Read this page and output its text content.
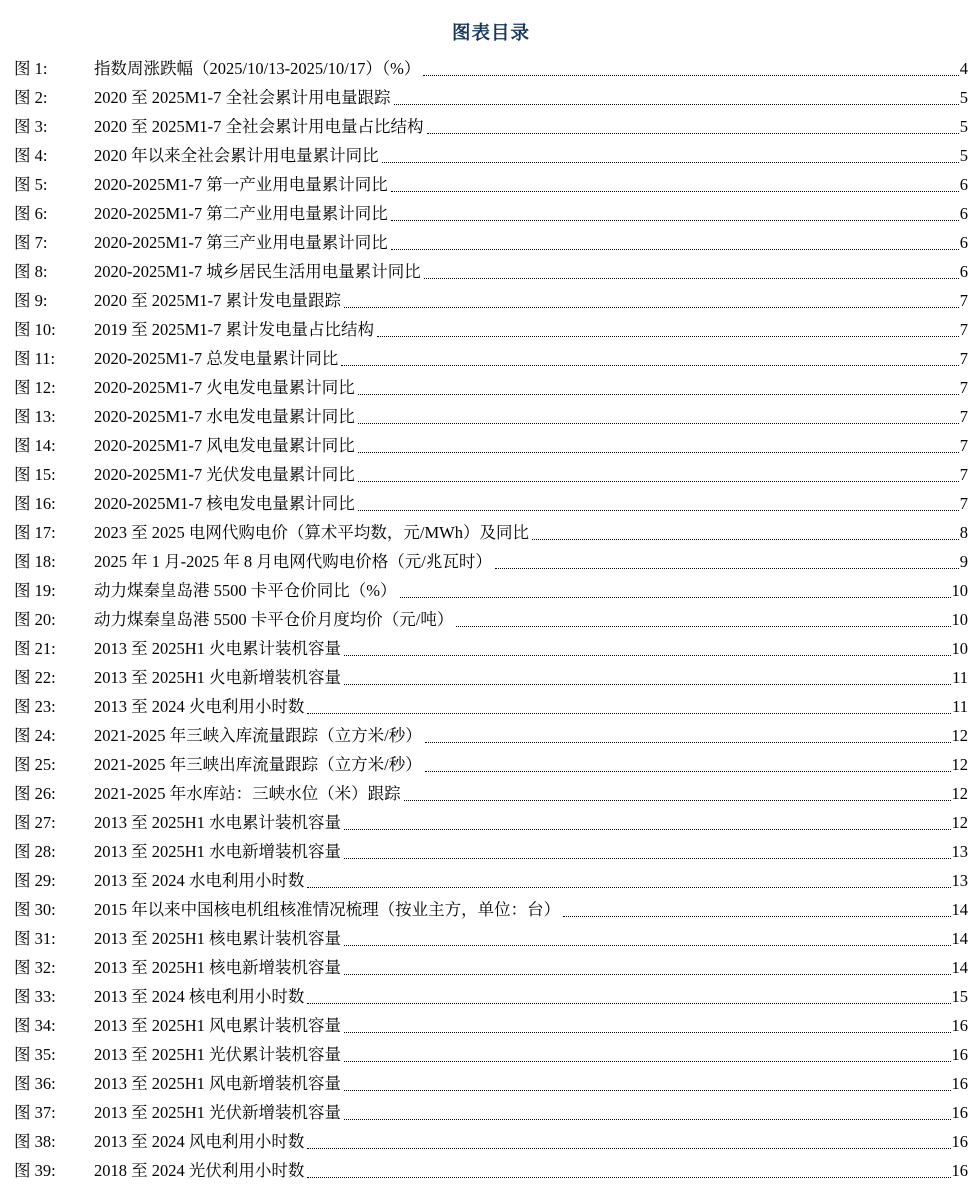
图表目录
图 1:	指数周涨跌幅（2025/10/13-2025/10/17）（%）	4
图 2:	2020 至 2025M1-7 全社会累计用电量跟踪	5
图 3:	2020 至 2025M1-7 全社会累计用电量占比结构	5
图 4:	2020 年以来全社会累计用电量累计同比	5
图 5:	2020-2025M1-7 第一产业用电量累计同比	6
图 6:	2020-2025M1-7 第二产业用电量累计同比	6
图 7:	2020-2025M1-7 第三产业用电量累计同比	6
图 8:	2020-2025M1-7 城乡居民生活用电量累计同比	6
图 9:	2020 至 2025M1-7 累计发电量跟踪	7
图 10:	2019 至 2025M1-7 累计发电量占比结构	7
图 11:	2020-2025M1-7 总发电量累计同比	7
图 12:	2020-2025M1-7 火电发电量累计同比	7
图 13:	2020-2025M1-7 水电发电量累计同比	7
图 14:	2020-2025M1-7 风电发电量累计同比	7
图 15:	2020-2025M1-7 光伏发电量累计同比	7
图 16:	2020-2025M1-7 核电发电量累计同比	7
图 17:	2023 至 2025 电网代购电价（算术平均数，元/MWh）及同比	8
图 18:	2025 年 1 月-2025 年 8 月电网代购电价格（元/兆瓦时）	9
图 19:	动力煤秦皇岛港 5500 卡平仓价同比（%）	10
图 20:	动力煤秦皇岛港 5500 卡平仓价月度均价（元/吨）	10
图 21:	2013 至 2025H1 火电累计装机容量	10
图 22:	2013 至 2025H1 火电新增装机容量	11
图 23:	2013 至 2024 火电利用小时数	11
图 24:	2021-2025 年三峡入库流量跟踪（立方米/秒）	12
图 25:	2021-2025 年三峡出库流量跟踪（立方米/秒）	12
图 26:	2021-2025 年水库站：三峡水位（米）跟踪	12
图 27:	2013 至 2025H1 水电累计装机容量	12
图 28:	2013 至 2025H1 水电新增装机容量	13
图 29:	2013 至 2024 水电利用小时数	13
图 30:	2015 年以来中国核电机组核准情况梳理（按业主方，单位：台）	14
图 31:	2013 至 2025H1 核电累计装机容量	14
图 32:	2013 至 2025H1 核电新增装机容量	14
图 33:	2013 至 2024 核电利用小时数	15
图 34:	2013 至 2025H1 风电累计装机容量	16
图 35:	2013 至 2025H1 光伏累计装机容量	16
图 36:	2013 至 2025H1 风电新增装机容量	16
图 37:	2013 至 2025H1 光伏新增装机容量	16
图 38:	2013 至 2024 风电利用小时数	16
图 39:	2018 至 2024 光伏利用小时数	16
